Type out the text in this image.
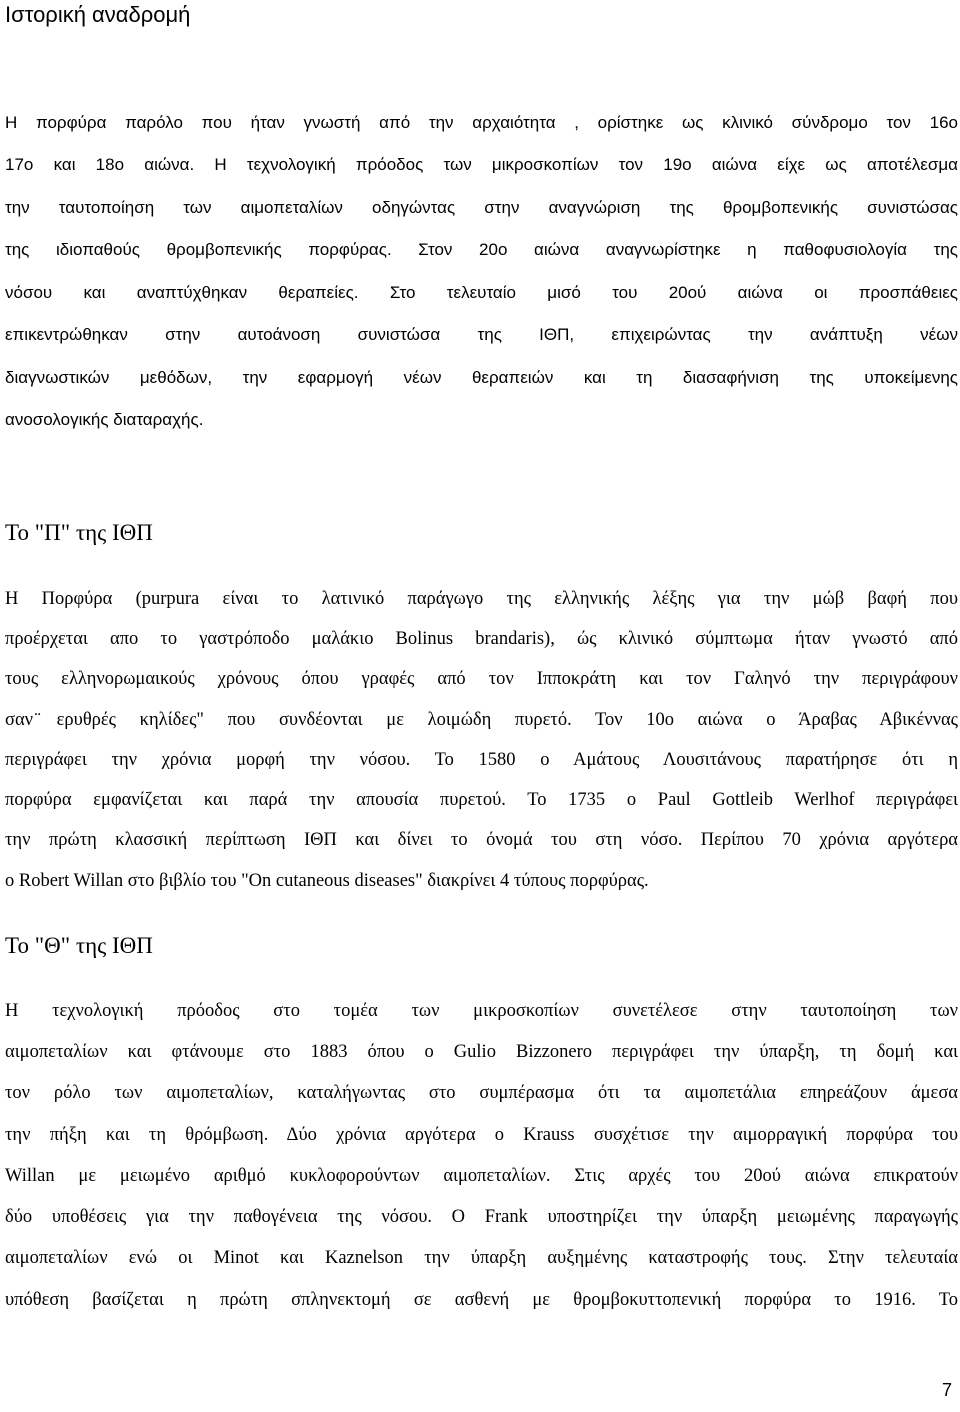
Ιστορική αναδρομή
Η πορφύρα παρόλο που ήταν γνωστή από την αρχαιότητα , ορίστηκε ως κλινικό σύνδρομο τον 16ο
17ο και 18ο αιώνα. Η τεχνολογική πρόοδος των μικροσκοπίων τον 19ο αιώνα είχε ως αποτέλεσμα
την ταυτοποίηση των αιμοπεταλίων οδηγώντας στην αναγνώριση της θρομβοπενικής συνιστώσας
της ιδιοπαθούς θρομβοπενικής πορφύρας. Στον 20ο αιώνα αναγνωρίστηκε η παθοφυσιολογία της
νόσου και αναπτύχθηκαν θεραπείες. Στο τελευταίο μισό του 20ού αιώνα οι προσπάθειες
επικεντρώθηκαν στην αυτοάνοση συνιστώσα της ΙΘΠ, επιχειρώντας την ανάπτυξη νέων
διαγνωστικών μεθόδων, την εφαρμογή νέων θεραπειών και τη διασαφήνιση της υποκείμενης
ανοσολογικής διαταραχής.
Το "Π" της ΙΘΠ
Η Πορφύρα (purpura είναι το λατινικό παράγωγο της ελληνικής λέξης για την μώβ βαφή που
προέρχεται απο το γαστρόποδο μαλάκιο Bolinus brandaris), ώς κλινικό σύμπτωμα ήταν γνωστό από
τους ελληνορωμαικούς χρόνους όπου γραφές από τον Ιπποκράτη και τον Γαληνό την περιγράφουν
σαν ̈ερυθρές κηλίδες" που συνδέονται με λοιμώδη πυρετό. Τον 10ο αιώνα ο Άραβας Αβικέννας
περιγράφει την χρόνια μορφή την νόσου. Το 1580 ο Αμάτους Λουσιτάνους παρατήρησε ότι η
πορφύρα εμφανίζεται και παρά την απουσία πυρετού. Το 1735 ο Paul Gottleib Werlhof περιγράφει
την πρώτη κλασσική περίπτωση ΙΘΠ και δίνει το όνομά του στη νόσο. Περίπου 70 χρόνια αργότερα
ο Robert Willan στο βιβλίο του "On cutaneous diseases" διακρίνει 4 τύπους πορφύρας.
Το "Θ" της ΙΘΠ
Η τεχνολογική πρόοδος στο τομέα των μικροσκοπίων συνετέλεσε στην ταυτοποίηση των
αιμοπεταλίων και φτάνουμε στο 1883 όπου ο Gulio Bizzonero περιγράφει την ύπαρξη, τη δομή και
τον ρόλο των αιμοπεταλίων, καταλήγωντας στο συμπέρασμα ότι τα αιμοπετάλια επηρεάζουν άμεσα
την πήξη και τη θρόμβωση. Δύο χρόνια αργότερα ο Krauss συσχέτισε την αιμορραγική πορφύρα του
Willan με μειωμένο αριθμό κυκλοφορούντων αιμοπεταλίων. Στις αρχές του 20ού αιώνα επικρατούν
δύο υποθέσεις για την παθογένεια της νόσου. Ο Frank υποστηρίζει την ύπαρξη μειωμένης παραγωγής
αιμοπεταλίων ενώ οι Minot και Kaznelson την ύπαρξη αυξημένης καταστροφής τους. Στην τελευταία
υπόθεση βασίζεται η πρώτη σπληνεκτομή σε ασθενή με θρομβοκυττοπενική πορφύρα το 1916. Το
7
